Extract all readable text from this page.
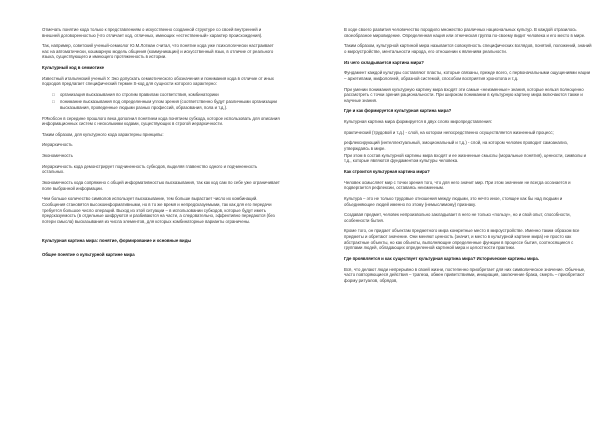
Отмечать понятие кода только к представлениям о искусственно созданной структуре со своей внутренней и внешней договоренностью (что отличает код, отличных, имеющих «естественный» характер происхождения).

Так, например, советский ученый-семиолог Ю.М.Лотман считал, что понятие кода уже психологически настраивает нас на автоматически, кошмарную модель общения (коммуникации) и искусственный язык, в отличие от реального языка, существующего и имеющего протяженность в истории.

Культурный код в семиотике

Известный итальянский ученый У. Эко допускать семиотического обозначения и понимания кода в отличие от иных подходов предлагает специфический термин S-код для сущности которого характерно:

□ организация высказывания по строгим правилам соответствия, комбинаторики
□ понимание высказывания под определенным углом зрения (соответственно будут различными организации высказывания, проведенные людьми разных профессий, образования, пола и т.д.).

Р.Якобсон в середине прошлого века дополнил понятием кода понятием субкода, которое использовать для описания информационных систем с несколькими кодами, существующих в строгой иерархичности.

Таким образом, для культурного кода характерны принципы:

Иерархичность

Экономичность

Иерархичность кода демонстрирует подчиненность субкодов, выделяя главенство одного и подчиненность остальных.

Экономичность кода сопряжено с общей информативностью высказывания, так как код сам по себе уже ограничивает поле выбранной информации.

Чем больше количество символов использует высказывание, тем больше вырастает число их комбинаций. Сообщения становятся высокоинформативными, но в то же время и непредсказуемыми, так как для его передачи требуется большое число операций. Выход из этой ситуации – в использовании субкодов, которые будут иметь предсказуемость (в отдельные шифруются и разбиваются на части, а следовательно, эффективно передаются (без потери смысла) высказывания из числа элементов, для которых комбинаторные варианты ограничены.

Культурная картина мира: понятие, формирование и основные виды

Общее понятие о культурной картине мира

В ходе своего развития человечество породило множество различных национальных культур. В каждой отразилось своеобразное мировидение. Определенная нация или этническая группа по-своему видит человека и его место в мире.

Таким образом, культурной картиной мира называется совокупность специфических взглядов, понятий, положений, знаний о мироустройстве, ментальности народа, его отношении к явлениям реальности.

Из чего складывается картина мира?

Фундамент каждой культуры составляют пласты, которые связаны, прежде всего, с первоначальными ощущениями нации – архетипами, мифологией, образной системой, способом восприятия хронотопа и т.д.

При умении понимания культурную картину мира входят эти самые «неизменные» знания, которые нельзя полноценно рассмотреть с точки зрения рациональности. При широком понимании в культурную картину мира включаются также и научные знания.

Где и как формируется культурная картина мира?

Культурная картина мира формируется в двух слоях миропредставления:

практический (трудовой и т.д.) - слой, на котором непосредственно осуществляется жизненный процесс;

рефлексирующий (интеллектуальный, эмоциональный и т.д.) - слой, на котором человек проводит самоанализ, утверждаясь в мире.

При этом в состав культурной картины мира входят и ее жизненные смыслы (моральные понятия), ценности, символы и т.д., которые являются фундаментом культуры человека.

Как строится культурная картина мира?

Человек осмысляет мир с точки зрения того, что для него значит мир. При этом значение не всегда осознается и подвергается рефлексии, оставаясь неизменным.

Культура – это не только трудовые отношения между людьми, это нечто иное, стоящее как бы над людьми и объединяющее людей именно по этому (немыслимому) признаку.

Создавая предмет, человек непроизвольно закладывает в него не только «пользу», но и свой опыт, способности, особенности бытия.

Кроме того, он придает объектам предметного мира конкретные место в мироустройстве. Именно таким образом все предметы и обретают значение. Они меняют ценность (значит, и место в культурной картине мира) не просто как абстрактные объекты, но как объекты, выполняющие определенные функции в процессе бытия, соотносящиеся с группами людей, обладающих определенной картиной мира и целостности практики.

Где проявляется и как существует культурная картина мира? Исторические картины мира.

Всё, что делают люди непрерывно в своей жизни, постепенно приобретает для них символическое значение. Обычные, часто повторяющиеся действия – трапеза, обмен приветствиями, инициация, заключение брака, смерть – приобретают форму ритуалов, обрядов,
